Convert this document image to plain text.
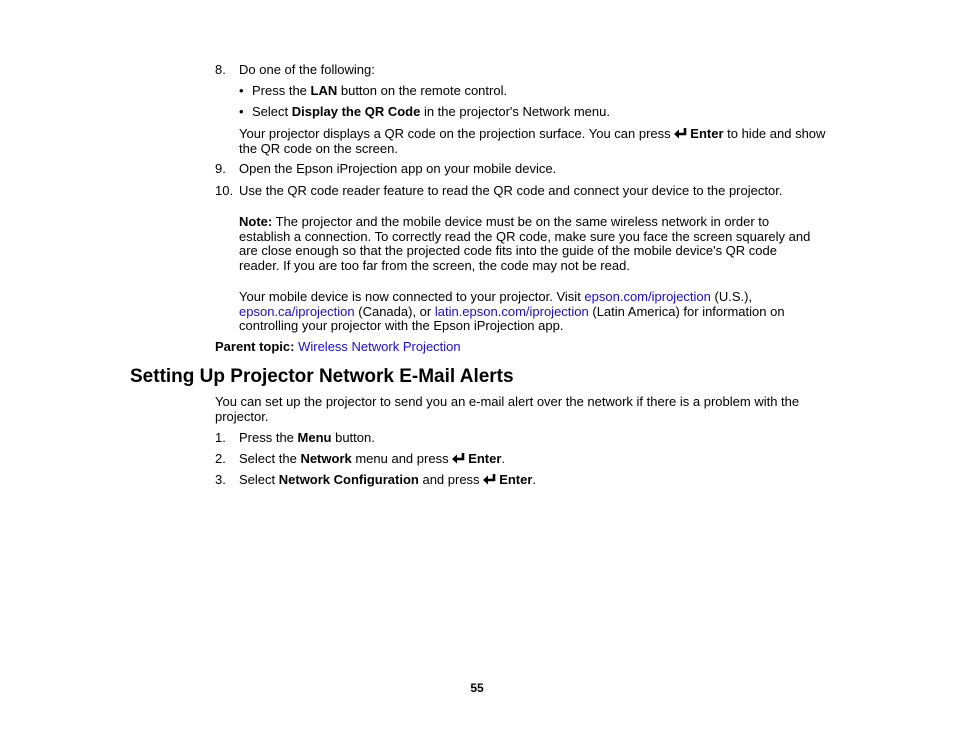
8. Do one of the following:
• Press the LAN button on the remote control.
• Select Display the QR Code in the projector's Network menu.
Your projector displays a QR code on the projection surface. You can press Enter to hide and show the QR code on the screen.
9. Open the Epson iProjection app on your mobile device.
10. Use the QR code reader feature to read the QR code and connect your device to the projector.
Note: The projector and the mobile device must be on the same wireless network in order to establish a connection. To correctly read the QR code, make sure you face the screen squarely and are close enough so that the projected code fits into the guide of the mobile device's QR code reader. If you are too far from the screen, the code may not be read.
Your mobile device is now connected to your projector. Visit epson.com/iprojection (U.S.), epson.ca/iprojection (Canada), or latin.epson.com/iprojection (Latin America) for information on controlling your projector with the Epson iProjection app.
Parent topic: Wireless Network Projection
Setting Up Projector Network E-Mail Alerts
You can set up the projector to send you an e-mail alert over the network if there is a problem with the projector.
1. Press the Menu button.
2. Select the Network menu and press Enter.
3. Select Network Configuration and press Enter.
55
